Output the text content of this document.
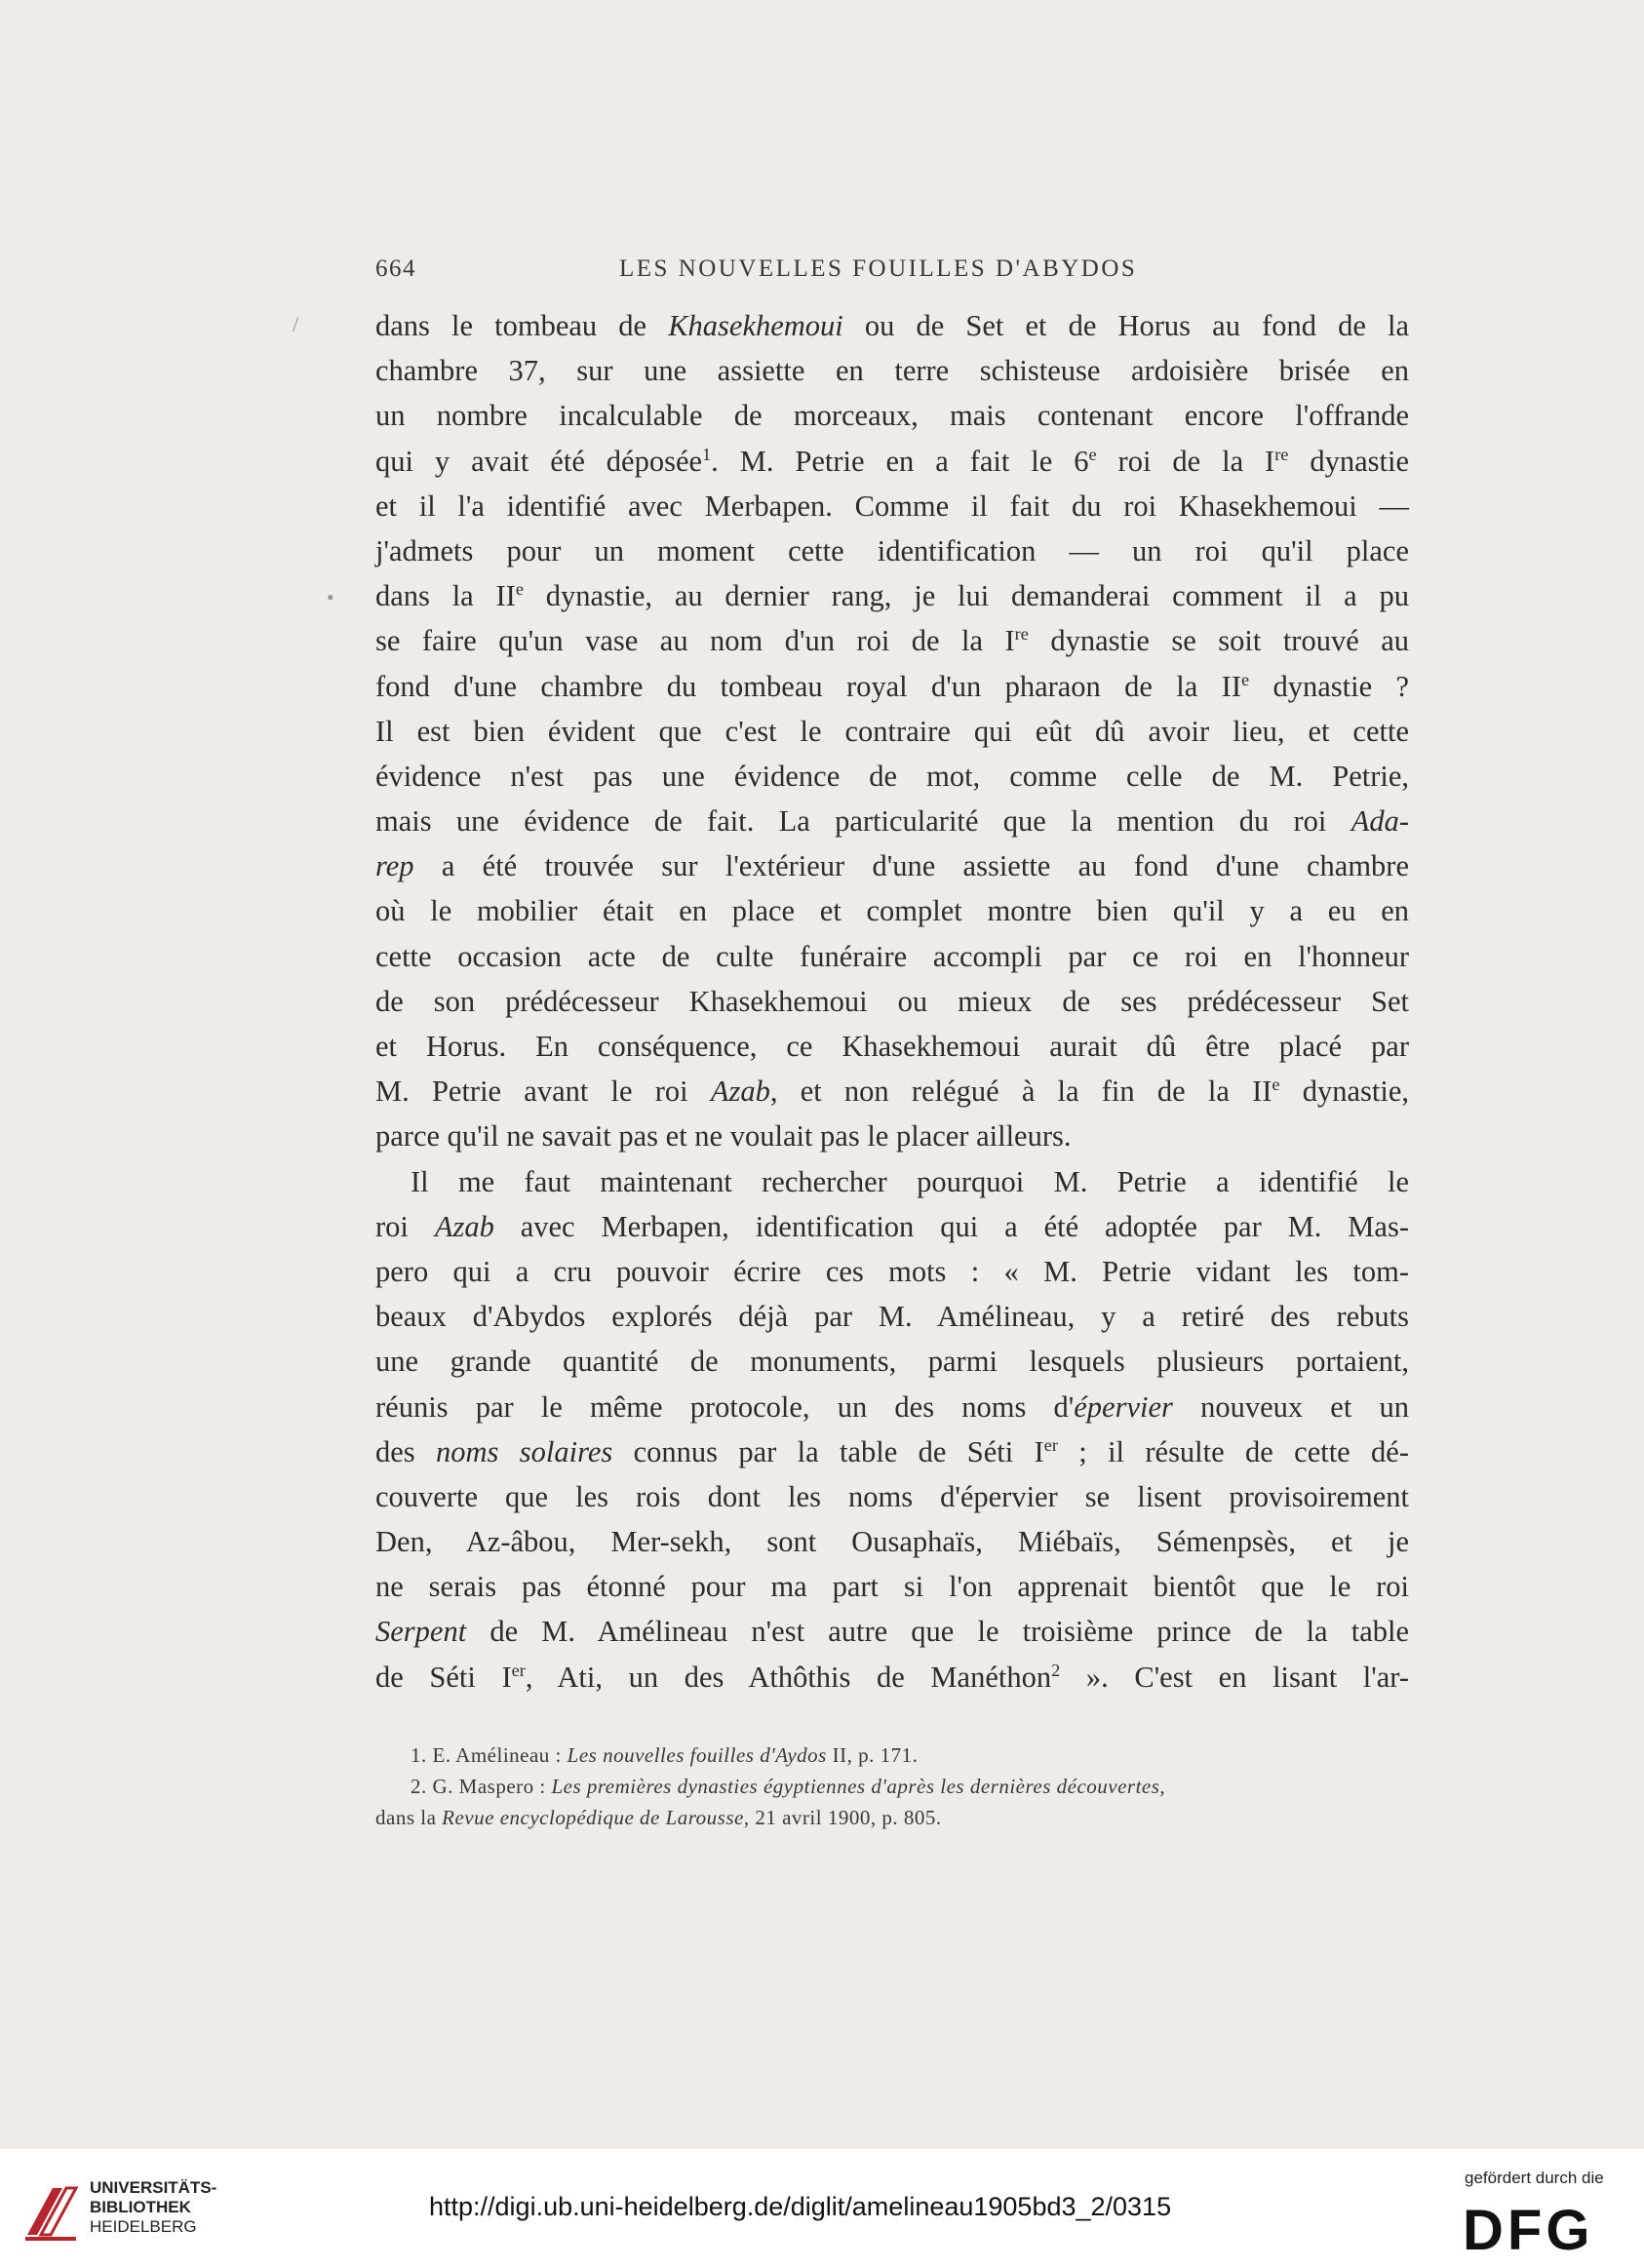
664	LES NOUVELLES FOUILLES D'ABYDOS
/
•
dans le tombeau de Khasekhemoui ou de Set et de Horus au fond de la
chambre 37, sur une assiette en terre schisteuse ardoisière brisée en
un nombre incalculable de morceaux, mais contenant encore l'offrande
qui y avait été déposée$^1$. M. Petrie en a fait le 6e roi de la Ire dynastie
et il l'a identifié avec Merbapen. Comme il fait du roi Khasekhemoui —
j'admets pour un moment cette identification — un roi qu'il place
dans la IIe dynastie, au dernier rang, je lui demanderai comment il a pu
se faire qu'un vase au nom d'un roi de la Ire dynastie se soit trouvé au
fond d'une chambre du tombeau royal d'un pharaon de la IIe dynastie ?
Il est bien évident que c'est le contraire qui eût dû avoir lieu, et cette
évidence n'est pas une évidence de mot, comme celle de M. Petrie,
mais une évidence de fait. La particularité que la mention du roi Ada-
rep a été trouvée sur l'extérieur d'une assiette au fond d'une chambre
où le mobilier était en place et complet montre bien qu'il y a eu en
cette occasion acte de culte funéraire accompli par ce roi en l'honneur
de son prédécesseur Khasekhemoui ou mieux de ses prédécesseur Set
et Horus. En conséquence, ce Khasekhemoui aurait dû être placé par
M. Petrie avant le roi Azab, et non relégué à la fin de la IIe dynastie,
parce qu'il ne savait pas et ne voulait pas le placer ailleurs.
Il me faut maintenant rechercher pourquoi M. Petrie a identifié le
roi Azab avec Merbapen, identification qui a été adoptée par M. Mas-
pero qui a cru pouvoir écrire ces mots : « M. Petrie vidant les tom-
beaux d'Abydos explorés déjà par M. Amélineau, y a retiré des rebuts
une grande quantité de monuments, parmi lesquels plusieurs portaient,
réunis par le même protocole, un des noms d'épervier nouveux et un
des noms solaires connus par la table de Séti Ier ; il résulte de cette dé-
couverte que les rois dont les noms d'épervier se lisent provisoirement
Den, Az-âbou, Mer-sekh, sont Ousaphaïs, Miébaïs, Sémenpsès, et je
ne serais pas étonné pour ma part si l'on apprenait bientôt que le roi
Serpent de M. Amélineau n'est autre que le troisième prince de la table
de Séti Ier, Ati, un des Athôthis de Manéthon$^2$ ». C'est en lisant l'ar-
1. E. Amélineau : Les nouvelles fouilles d'Aydos II, p. 171.
2. G. Maspero : Les premières dynasties égyptiennes d'après les dernières découvertes,
dans la Revue encyclopédique de Larousse, 21 avril 1900, p. 805.
UNIVERSITÄTS-
BIBLIOTHEK
HEIDELBERG
http://digi.ub.uni-heidelberg.de/diglit/amelineau1905bd3_2/0315
gefördert durch die
DFG
